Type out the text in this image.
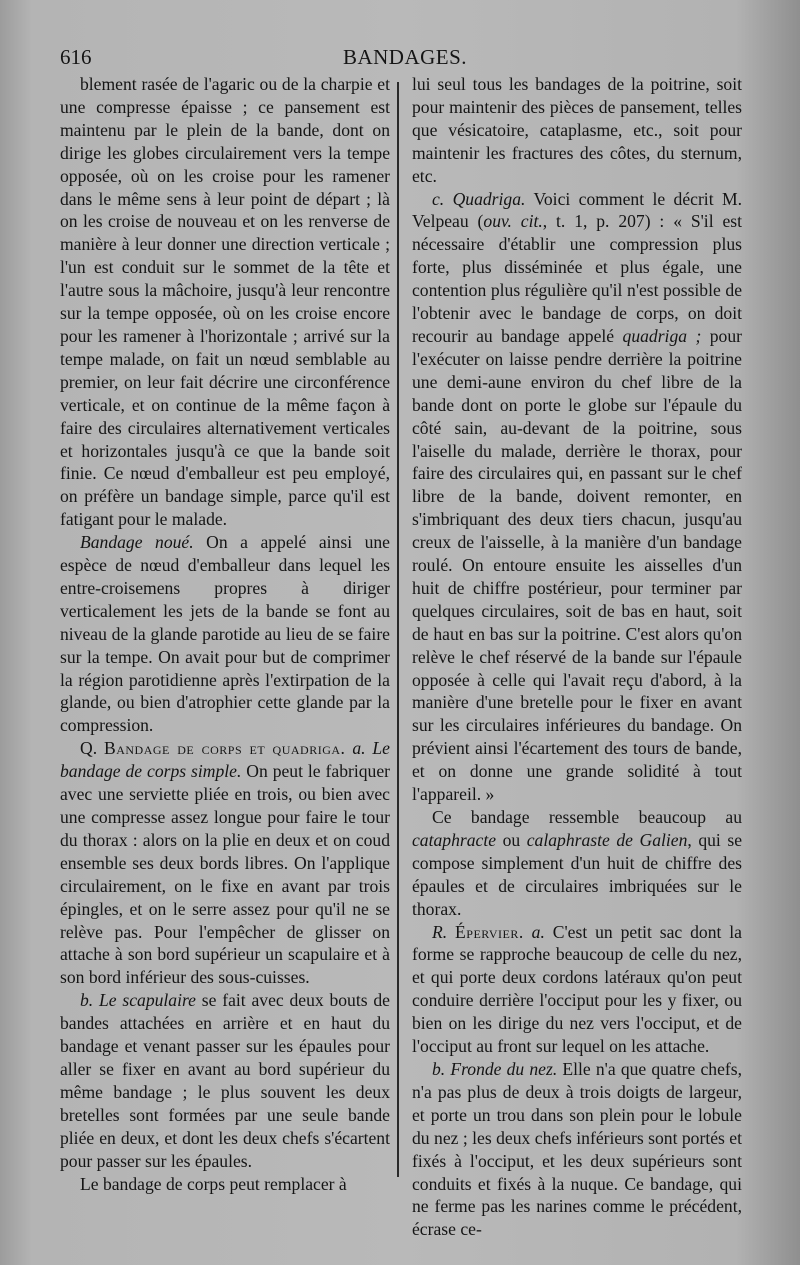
616	BANDAGES.

blement rasée de l'agaric ou de la charpie et une compresse épaisse ; ce pansement est maintenu par le plein de la bande, dont on dirige les globes circulairement vers la tempe opposée, où on les croise pour les ramener dans le même sens à leur point de départ ; là on les croise de nouveau et on les renverse de manière à leur donner une direction verticale ; l'un est conduit sur le sommet de la tête et l'autre sous la mâchoire, jusqu'à leur rencontre sur la tempe opposée, où on les croise encore pour les ramener à l'horizontale ; arrivé sur la tempe malade, on fait un nœud semblable au premier, on leur fait décrire une circonférence verticale, et on continue de la même façon à faire des circulaires alternativement verticales et horizontales jusqu'à ce que la bande soit finie. Ce nœud d'emballeur est peu employé, on préfère un bandage simple, parce qu'il est fatigant pour le malade.

Bandage noué. On a appelé ainsi une espèce de nœud d'emballeur dans lequel les entre-croisemens propres à diriger verticalement les jets de la bande se font au niveau de la glande parotide au lieu de se faire sur la tempe. On avait pour but de comprimer la région parotidienne après l'extirpation de la glande, ou bien d'atrophier cette glande par la compression.

Q. Bandage de corps et quadriga. a. Le bandage de corps simple. On peut le fabriquer avec une serviette pliée en trois, ou bien avec une compresse assez longue pour faire le tour du thorax : alors on la plie en deux et on coud ensemble ses deux bords libres. On l'applique circulairement, on le fixe en avant par trois épingles, et on le serre assez pour qu'il ne se relève pas. Pour l'empêcher de glisser on attache à son bord supérieur un scapulaire et à son bord inférieur des sous-cuisses.

b. Le scapulaire se fait avec deux bouts de bandes attachées en arrière et en haut du bandage et venant passer sur les épaules pour aller se fixer en avant au bord supérieur du même bandage ; le plus souvent les deux bretelles sont formées par une seule bande pliée en deux, et dont les deux chefs s'écartent pour passer sur les épaules.

Le bandage de corps peut remplacer à

lui seul tous les bandages de la poitrine, soit pour maintenir des pièces de pansement, telles que vésicatoire, cataplasme, etc., soit pour maintenir les fractures des côtes, du sternum, etc.

c. Quadriga. Voici comment le décrit M. Velpeau (ouv. cit., t. 1, p. 207) : « S'il est nécessaire d'établir une compression plus forte, plus disséminée et plus égale, une contention plus régulière qu'il n'est possible de l'obtenir avec le bandage de corps, on doit recourir au bandage appelé quadriga ; pour l'exécuter on laisse pendre derrière la poitrine une demi-aune environ du chef libre de la bande dont on porte le globe sur l'épaule du côté sain, au-devant de la poitrine, sous l'aiselle du malade, derrière le thorax, pour faire des circulaires qui, en passant sur le chef libre de la bande, doivent remonter, en s'imbriquant des deux tiers chacun, jusqu'au creux de l'aisselle, à la manière d'un bandage roulé. On entoure ensuite les aisselles d'un huit de chiffre postérieur, pour terminer par quelques circulaires, soit de bas en haut, soit de haut en bas sur la poitrine. C'est alors qu'on relève le chef réservé de la bande sur l'épaule opposée à celle qui l'avait reçu d'abord, à la manière d'une bretelle pour le fixer en avant sur les circulaires inférieures du bandage. On prévient ainsi l'écartement des tours de bande, et on donne une grande solidité à tout l'appareil. »

Ce bandage ressemble beaucoup au cataphracte ou calaphraste de Galien, qui se compose simplement d'un huit de chiffre des épaules et de circulaires imbriquées sur le thorax.

R. Épervier. a. C'est un petit sac dont la forme se rapproche beaucoup de celle du nez, et qui porte deux cordons latéraux qu'on peut conduire derrière l'occiput pour les y fixer, ou bien on les dirige du nez vers l'occiput, et de l'occiput au front sur lequel on les attache.

b. Fronde du nez. Elle n'a que quatre chefs, n'a pas plus de deux à trois doigts de largeur, et porte un trou dans son plein pour le lobule du nez ; les deux chefs inférieurs sont portés et fixés à l'occiput, et les deux supérieurs sont conduits et fixés à la nuque. Ce bandage, qui ne ferme pas les narines comme le précédent, écrase ce-
